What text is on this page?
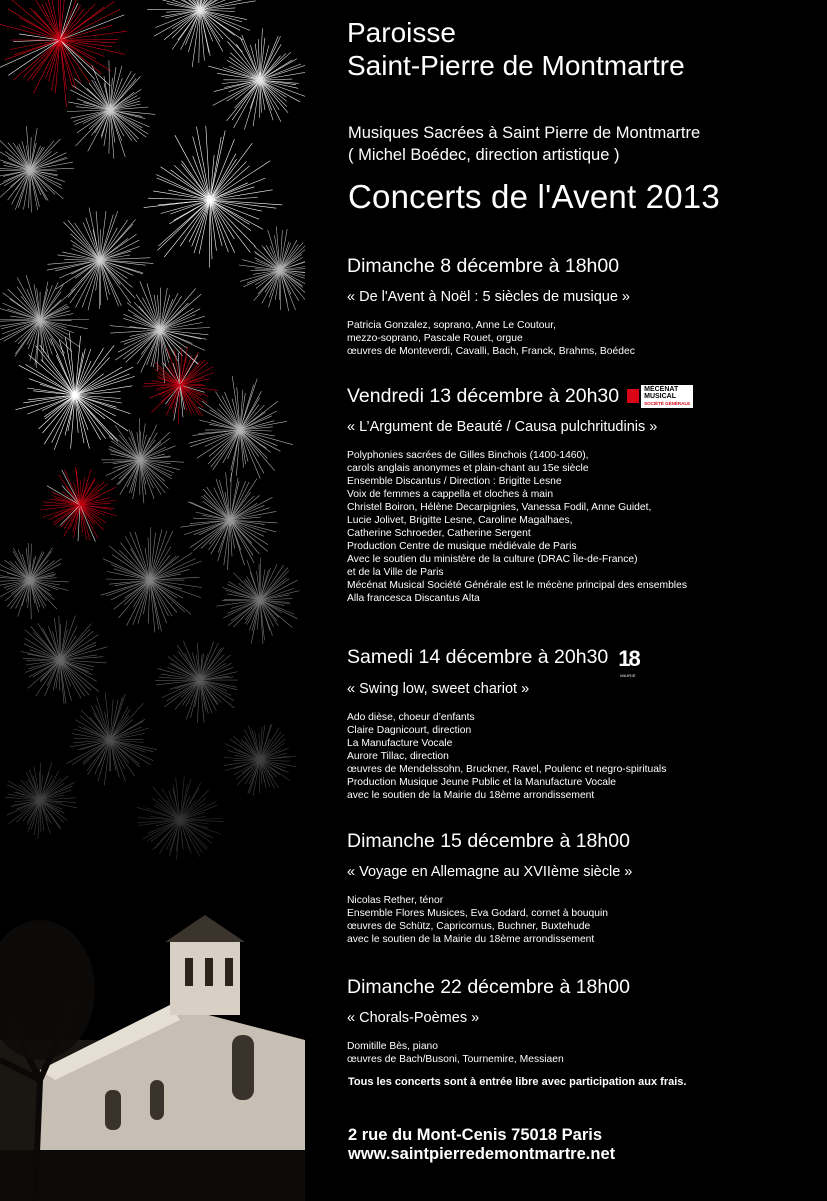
Paroisse
Saint-Pierre de Montmartre
Musiques Sacrées à Saint Pierre de Montmartre
( Michel Boédec, direction artistique )
Concerts de l'Avent 2013
Dimanche 8 décembre à 18h00
« De l'Avent à Noël : 5 siècles de musique »
Patricia Gonzalez, soprano, Anne Le Coutour,
mezzo-soprano, Pascale Rouet, orgue
œuvres de Monteverdi, Cavalli, Bach, Franck, Brahms, Boédec
Vendredi 13 décembre à 20h30	MÉCÉNAT
MUSICAL
SOCIÉTÉ GÉNÉRALE
« L’Argument de Beauté / Causa pulchritudinis »
Polyphonies sacrées de Gilles Binchois (1400-1460),
carols anglais anonymes et plain-chant au 15e siècle
Ensemble Discantus / Direction : Brigitte Lesne
Voix de femmes a cappella et cloches à main
Christel Boiron, Hélène Decarpignies, Vanessa Fodil, Anne Guidet,
Lucie Jolivet, Brigitte Lesne, Caroline Magalhaes,
Catherine Schroeder, Catherine Sergent
Production Centre de musique médiévale de Paris
Avec le soutien du ministère de la culture (DRAC Île-de-France)
et de la Ville de Paris
Mécénat Musical Société Générale est le mécène principal des ensembles
Alla francesca Discantus Alta
Samedi 14 décembre à 20h30 18
MAIRIE
« Swing low, sweet chariot »
Ado dièse, choeur d’enfants
Claire Dagnicourt, direction
La Manufacture Vocale
Aurore Tillac, direction
œuvres de Mendelssohn, Bruckner, Ravel, Poulenc et negro-spirituals
Production Musique Jeune Public et la Manufacture Vocale
avec le soutien de la Mairie du 18ème arrondissement
Dimanche 15 décembre à 18h00
« Voyage en Allemagne au XVIIème siècle »
Nicolas Rether, ténor
Ensemble Flores Musices, Eva Godard, cornet à bouquin
œuvres de Schütz, Capricornus, Buchner, Buxtehude
avec le soutien de la Mairie du 18ème arrondissement
Dimanche 22 décembre à 18h00
« Chorals-Poèmes »
Domitille Bès, piano
œuvres de Bach/Busoni, Tournemire, Messiaen
Tous les concerts sont à entrée libre avec participation aux frais.
2 rue du Mont-Cenis 75018 Paris
www.saintpierredemontmartre.net
